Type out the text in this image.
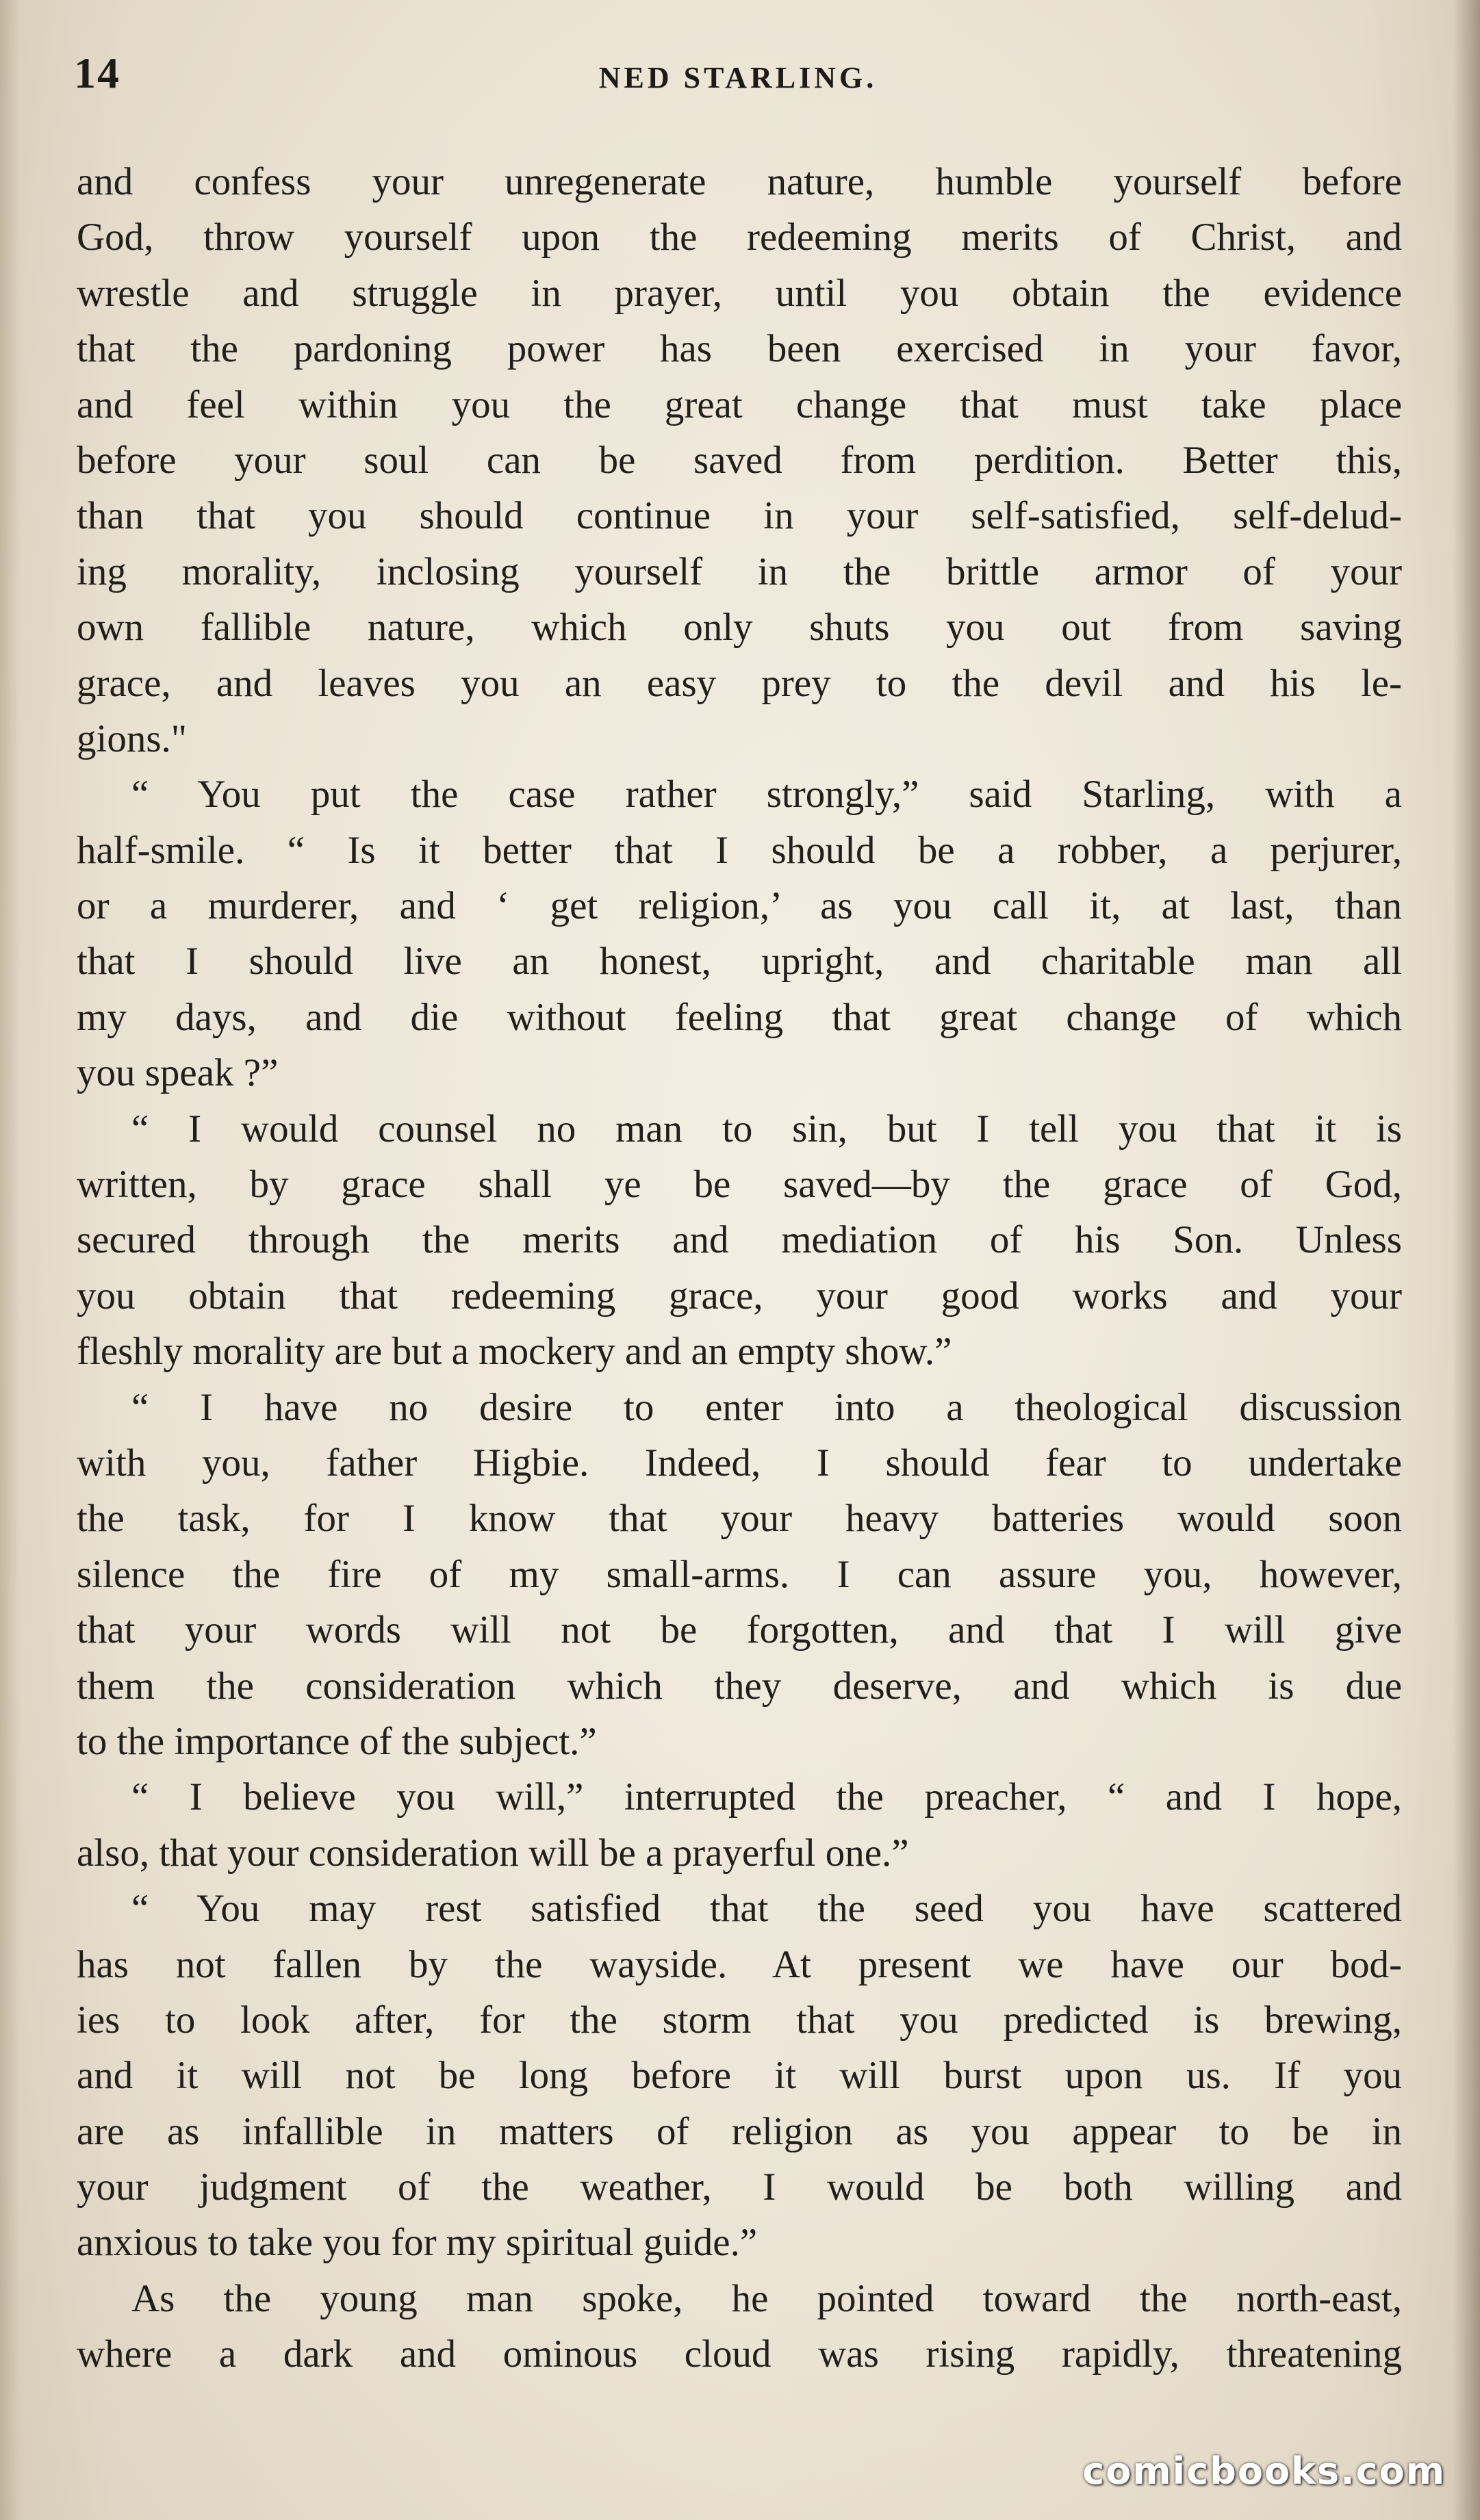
14	NED STARLING.
and confess your unregenerate nature, humble yourself before
God, throw yourself upon the redeeming merits of Christ, and
wrestle and struggle in prayer, until you obtain the evidence
that the pardoning power has been exercised in your favor,
and feel within you the great change that must take place
before your soul can be saved from perdition. Better this,
than that you should continue in your self-satisfied, self-delud-
ing morality, inclosing yourself in the brittle armor of your
own fallible nature, which only shuts you out from saving
grace, and leaves you an easy prey to the devil and his le-
gions."
“ You put the case rather strongly,” said Starling, with a
half-smile. “ Is it better that I should be a robber, a perjurer,
or a murderer, and ‘ get religion,’ as you call it, at last, than
that I should live an honest, upright, and charitable man all
my days, and die without feeling that great change of which
you speak ?”
“ I would counsel no man to sin, but I tell you that it is
written, by grace shall ye be saved—by the grace of God,
secured through the merits and mediation of his Son. Unless
you obtain that redeeming grace, your good works and your
fleshly morality are but a mockery and an empty show.”
“ I have no desire to enter into a theological discussion
with you, father Higbie. Indeed, I should fear to undertake
the task, for I know that your heavy batteries would soon
silence the fire of my small-arms. I can assure you, however,
that your words will not be forgotten, and that I will give
them the consideration which they deserve, and which is due
to the importance of the subject.”
“ I believe you will,” interrupted the preacher, “ and I hope,
also, that your consideration will be a prayerful one.”
“ You may rest satisfied that the seed you have scattered
has not fallen by the wayside. At present we have our bod-
ies to look after, for the storm that you predicted is brewing,
and it will not be long before it will burst upon us. If you
are as infallible in matters of religion as you appear to be in
your judgment of the weather, I would be both willing and
anxious to take you for my spiritual guide.”
As the young man spoke, he pointed toward the north-east,
where a dark and ominous cloud was rising rapidly, threatening
comicbooks.com
